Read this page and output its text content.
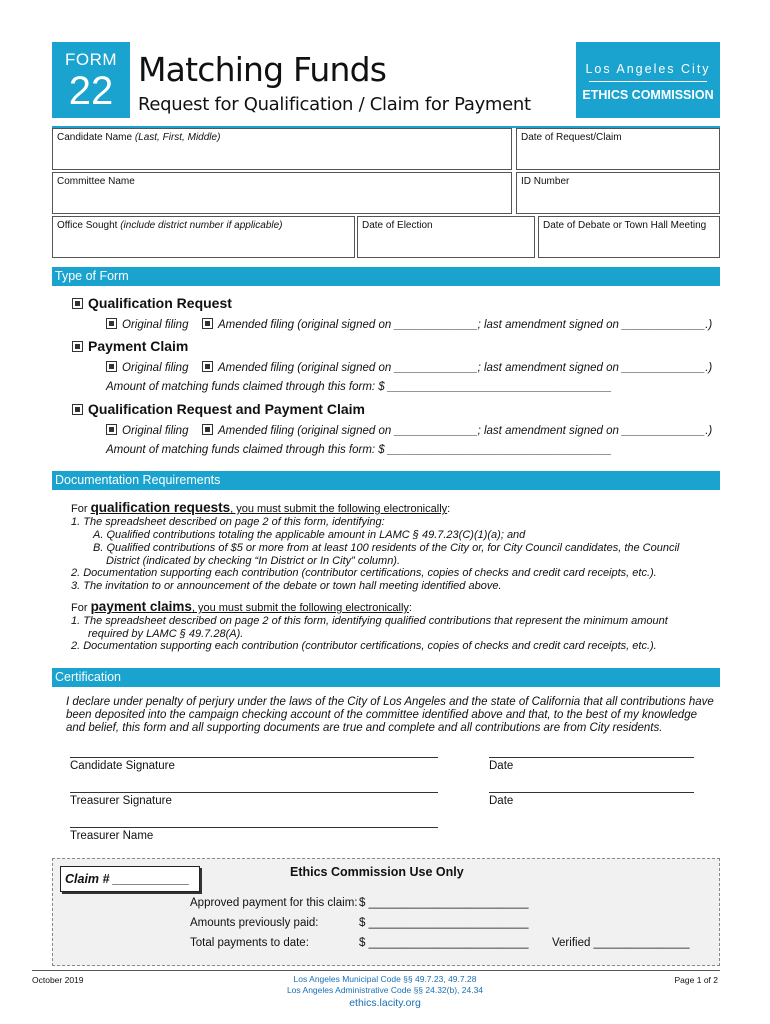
FORM
22 Matching Funds
Request for Qualification / Claim for Payment
Los Angeles City
ETHICS COMMISSION
Candidate Name (Last, First, Middle)	Date of Request/Claim
Committee Name	ID Number
Office Sought (include district number if applicable)	Date of Election	Date of Debate or Town Hall Meeting
Type of Form
Qualification Request
Original filing	Amended filing (original signed on _____________; last amendment signed on _____________.)
Payment Claim
Original filing	Amended filing (original signed on _____________; last amendment signed on _____________.)
Amount of matching funds claimed through this form: $ ___________________________________
Qualification Request and Payment Claim
Original filing	Amended filing (original signed on _____________; last amendment signed on _____________.)
Amount of matching funds claimed through this form: $ ___________________________________
Documentation Requirements
For qualification requests, you must submit the following electronically:
1. The spreadsheet described on page 2 of this form, identifying:
A. Qualified contributions totaling the applicable amount in LAMC § 49.7.23(C)(1)(a); and
B. Qualified contributions of $5 or more from at least 100 residents of the City or, for City Council candidates, the Council
District (indicated by checking “In District or In City” column).
2. Documentation supporting each contribution (contributor certifications, copies of checks and credit card receipts, etc.).
3. The invitation to or announcement of the debate or town hall meeting identified above.
For payment claims, you must submit the following electronically:
1. The spreadsheet described on page 2 of this form, identifying qualified contributions that represent the minimum amount
required by LAMC § 49.7.28(A).
2. Documentation supporting each contribution (contributor certifications, copies of checks and credit card receipts, etc.).
Certification
I declare under penalty of perjury under the laws of the City of Los Angeles and the state of California that all contributions have been deposited into the campaign checking account of the committee identified above and that, to the best of my knowledge and belief, this form and all supporting documents are true and complete and all contributions are from City residents.
Candidate Signature	Date
Treasurer Signature	Date
Treasurer Name
Claim # ___________	Ethics Commission Use Only
Approved payment for this claim: $ _________________________
Amounts previously paid:	$ _________________________
Total payments to date:	$ _________________________ Verified _______________
October 2019	Los Angeles Municipal Code §§ 49.7.23, 49.7.28
Los Angeles Administrative Code §§ 24.32(b), 24.34
ethics.lacity.org
Page 1 of 2
